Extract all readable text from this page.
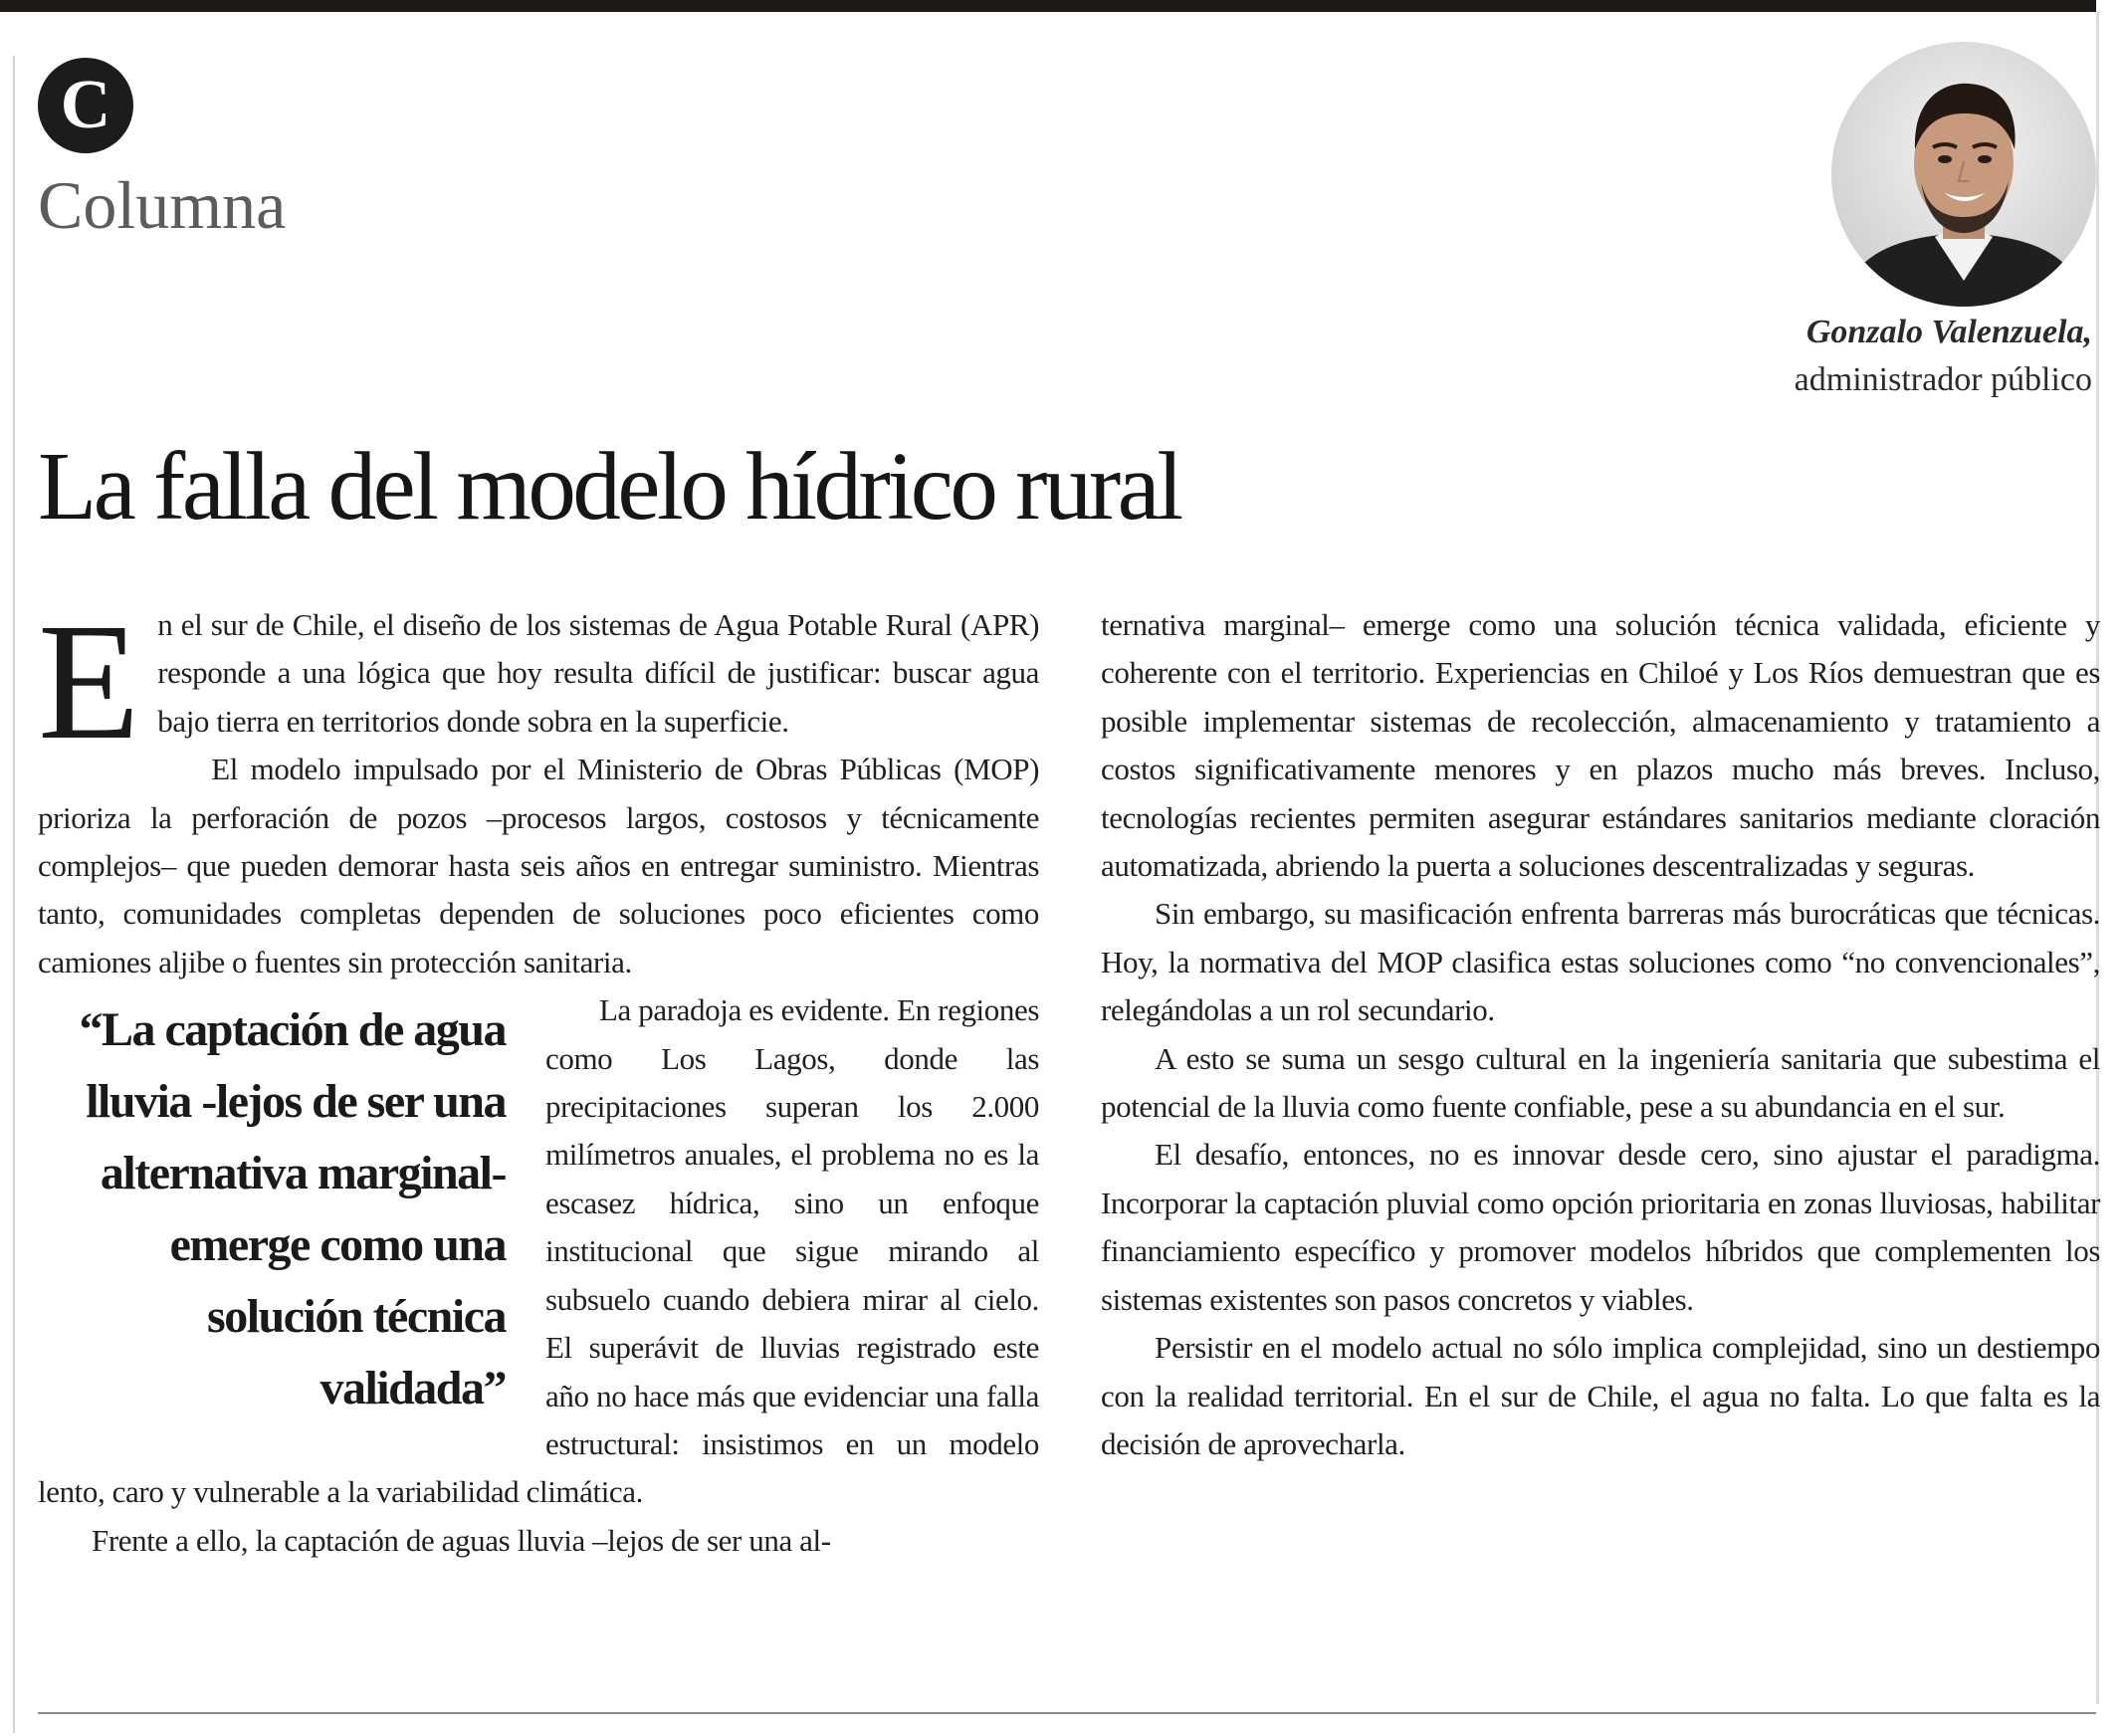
C
Columna
Gonzalo Valenzuela,
administrador público
La falla del modelo hídrico rural

En el sur de Chile, el diseño de los sistemas de Agua Potable Rural (APR) responde a una lógica que hoy resulta difícil de justificar: buscar agua bajo tierra en territorios donde sobra en la superficie.

El modelo impulsado por el Ministerio de Obras Públicas (MOP) prioriza la perforación de pozos –procesos largos, costosos y técnicamente complejos– que pueden demorar hasta seis años en entregar suministro. Mientras tanto, comunidades completas dependen de soluciones poco eficientes como camiones aljibe o fuentes sin protección sanitaria.

“La captación de agua lluvia -lejos de ser una alternativa marginal- emerge como una solución técnica validada”
La paradoja es evidente. En regiones como Los Lagos, donde las precipitaciones superan los 2.000 milímetros anuales, el problema no es la escasez hídrica, sino un enfoque institucional que sigue mirando al subsuelo cuando debiera mirar al cielo. El superávit de lluvias registrado este año no hace más que evidenciar una falla estructural: insistimos en un modelo lento, caro y vulnerable a la variabilidad climática.

Frente a ello, la captación de aguas lluvia –lejos de ser una al-

ternativa marginal– emerge como una solución técnica validada, eficiente y coherente con el territorio. Experiencias en Chiloé y Los Ríos demuestran que es posible implementar sistemas de recolección, almacenamiento y tratamiento a costos significativamente menores y en plazos mucho más breves. Incluso, tecnologías recientes permiten asegurar estándares sanitarios mediante cloración automatizada, abriendo la puerta a soluciones descentralizadas y seguras.

Sin embargo, su masificación enfrenta barreras más burocráticas que técnicas. Hoy, la normativa del MOP clasifica estas soluciones como “no convencionales”, relegándolas a un rol secundario.

A esto se suma un sesgo cultural en la ingeniería sanitaria que subestima el potencial de la lluvia como fuente confiable, pese a su abundancia en el sur.

El desafío, entonces, no es innovar desde cero, sino ajustar el paradigma. Incorporar la captación pluvial como opción prioritaria en zonas lluviosas, habilitar financiamiento específico y promover modelos híbridos que complementen los sistemas existentes son pasos concretos y viables.

Persistir en el modelo actual no sólo implica complejidad, sino un destiempo con la realidad territorial. En el sur de Chile, el agua no falta. Lo que falta es la decisión de aprovecharla.
